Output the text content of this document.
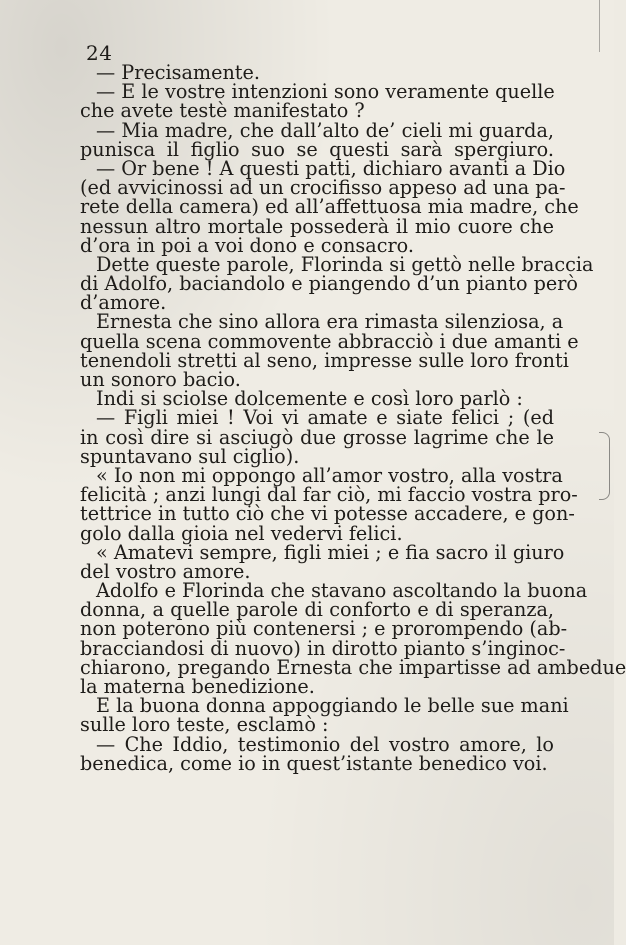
24
— Precisamente.
— E le vostre intenzioni sono veramente quelle
che avete testè manifestato ?
— Mia madre, che dall’alto de’ cieli mi guarda,
punisca il figlio suo se questi sarà spergiuro.
— Or bene ! A questi patti, dichiaro avanti a Dio
(ed avvicinossi ad un crocifisso appeso ad una pa-
rete della camera) ed all’affettuosa mia madre, che
nessun altro mortale possederà il mio cuore che
d’ora in poi a voi dono e consacro.
Dette queste parole, Florinda si gettò nelle braccia
di Adolfo, baciandolo e piangendo d’un pianto però
d’amore.
Ernesta che sino allora era rimasta silenziosa, a
quella scena commovente abbracciò i due amanti e
tenendoli stretti al seno, impresse sulle loro fronti
un sonoro bacio.
Indi si sciolse dolcemente e così loro parlò :
— Figli miei ! Voi vi amate e siate felici ; (ed
in così dire si asciugò due grosse lagrime che le
spuntavano sul ciglio).
« Io non mi oppongo all’amor vostro, alla vostra
felicità ; anzi lungi dal far ciò, mi faccio vostra pro-
tettrice in tutto ciò che vi potesse accadere, e gon-
golo dalla gioia nel vedervi felici.
« Amatevi sempre, figli miei ; e fia sacro il giuro
del vostro amore.
Adolfo e Florinda che stavano ascoltando la buona
donna, a quelle parole di conforto e di speranza,
non poterono più contenersi ; e prorompendo (ab-
bracciandosi di nuovo) in dirotto pianto s’inginoc-
chiarono, pregando Ernesta che impartisse ad ambedue
la materna benedizione.
E la buona donna appoggiando le belle sue mani
sulle loro teste, esclamò :
— Che Iddio, testimonio del vostro amore, lo
benedica, come io in quest’istante benedico voi.
